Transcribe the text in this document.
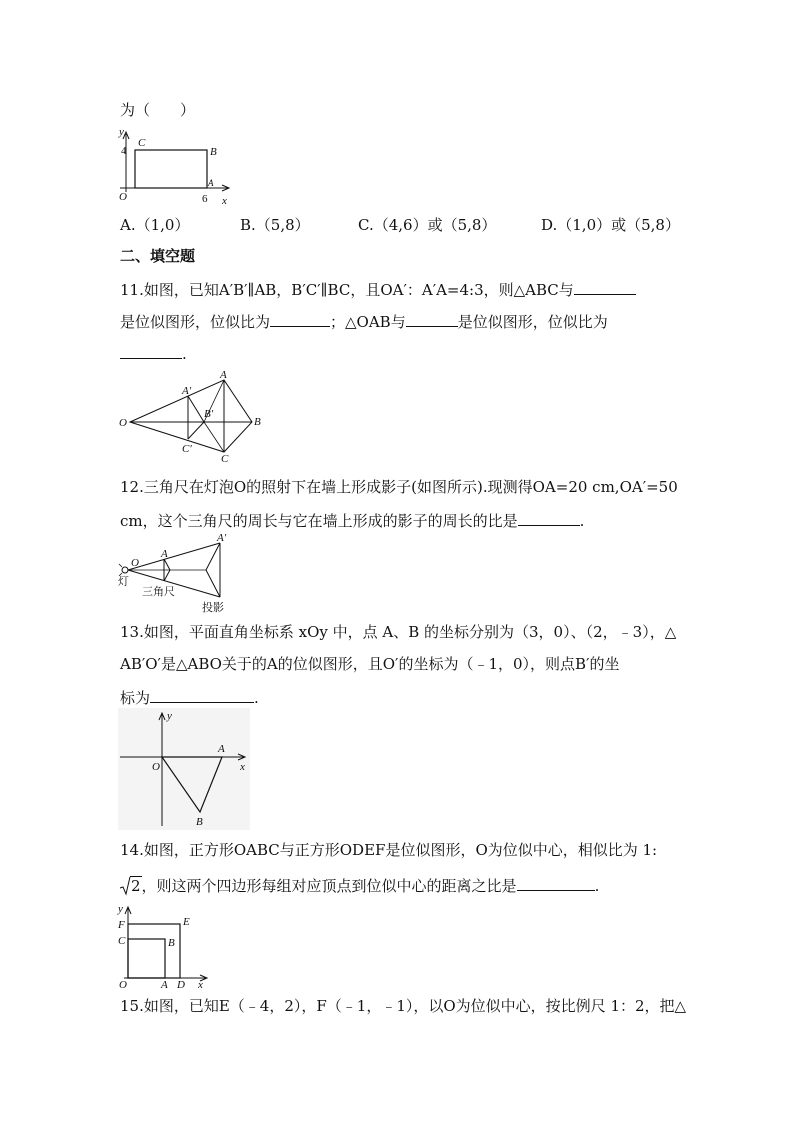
为（　　）
y
C
B
4
O	6
A
x
A.（1,0）	B.（5,8）	C.（4,6）或（5,8）	D.（1,0）或（5,8）
二、填空题
11.如图，已知A′B′∥AB，B′C′∥BC，且OA′：A′A=4:3，则△ABC与
是位似图形，位似比为	；△OAB与	是位似图形，位似比为
.
A′
A
B′
B
O
C′
C
12.三角尺在灯泡O的照射下在墙上形成影子(如图所示).现测得OA=20 cm,OA′=50
cm，这个三角尺的周长与它在墙上形成的影子的周长的比是	.
O
A
A′
灯
三角尺
投影
13.如图，平面直角坐标系 xOy 中，点 A、B 的坐标分别为（3，0）、（2，﹣3），△
AB′O′是△ABO关于的A的位似图形，且O′的坐标为（﹣1，0），则点B′的坐
标为	.
y
O
A
x
B
14.如图，正方形OABC与正方形ODEF是位似图形，O为位似中心，相似比为 1:
2，则这两个四边形每组对应顶点到位似中心的距离之比是	.
y
F	E
C	B
O	A D x
15.如图，已知E（﹣4，2），F（﹣1，﹣1），以O为位似中心，按比例尺 1：2，把△
